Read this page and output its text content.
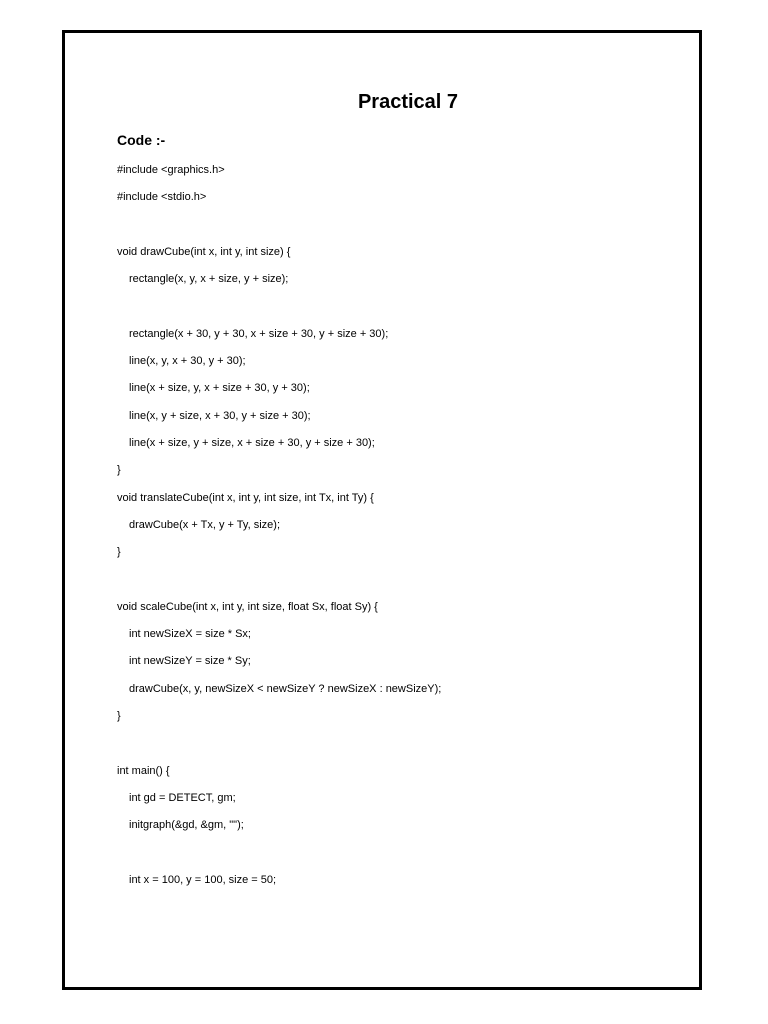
Practical 7
Code :-
#include <graphics.h>
#include <stdio.h>
void drawCube(int x, int y, int size) {
rectangle(x, y, x + size, y + size);
rectangle(x + 30, y + 30, x + size + 30, y + size + 30);
line(x, y, x + 30, y + 30);
line(x + size, y, x + size + 30, y + 30);
line(x, y + size, x + 30, y + size + 30);
line(x + size, y + size, x + size + 30, y + size + 30);
}
void translateCube(int x, int y, int size, int Tx, int Ty) {
drawCube(x + Tx, y + Ty, size);
}
void scaleCube(int x, int y, int size, float Sx, float Sy) {
int newSizeX = size * Sx;
int newSizeY = size * Sy;
drawCube(x, y, newSizeX < newSizeY ? newSizeX : newSizeY);
}
int main() {
int gd = DETECT, gm;
initgraph(&gd, &gm, "");
int x = 100, y = 100, size = 50;
